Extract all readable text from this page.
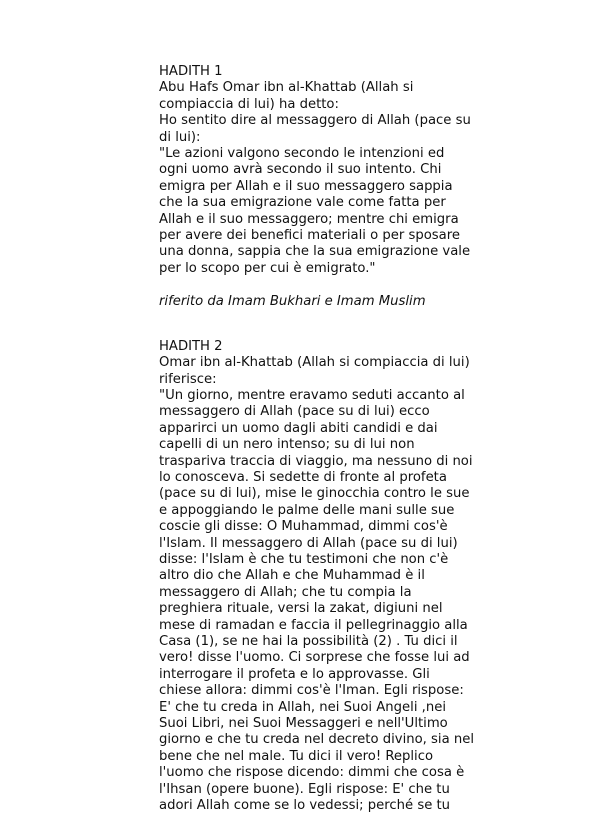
HADITH 1
Abu Hafs Omar ibn al-Khattab (Allah si
compiaccia di lui) ha detto:
Ho sentito dire al messaggero di Allah (pace su
di lui):
"Le azioni valgono secondo le intenzioni ed
ogni uomo avrà secondo il suo intento. Chi
emigra per Allah e il suo messaggero sappia
che la sua emigrazione vale come fatta per
Allah e il suo messaggero; mentre chi emigra
per avere dei benefici materiali o per sposare
una donna, sappia che la sua emigrazione vale
per lo scopo per cui è emigrato."
riferito da Imam Bukhari e Imam Muslim
HADITH 2
Omar ibn al-Khattab (Allah si compiaccia di lui)
riferisce:
"Un giorno, mentre eravamo seduti accanto al
messaggero di Allah (pace su di lui) ecco
apparirci un uomo dagli abiti candidi e dai
capelli di un nero intenso; su di lui non
traspariva traccia di viaggio, ma nessuno di noi
lo conosceva. Si sedette di fronte al profeta
(pace su di lui), mise le ginocchia contro le sue
e appoggiando le palme delle mani sulle sue
coscie gli disse: O Muhammad, dimmi cos'è
l'Islam. Il messaggero di Allah (pace su di lui)
disse: l'Islam è che tu testimoni che non c'è
altro dio che Allah e che Muhammad è il
messaggero di Allah; che tu compia la
preghiera rituale, versi la zakat, digiuni nel
mese di ramadan e faccia il pellegrinaggio alla
Casa (1), se ne hai la possibilità (2) . Tu dici il
vero! disse l'uomo. Ci sorprese che fosse lui ad
interrogare il profeta e lo approvasse. Gli
chiese allora: dimmi cos'è l'Iman. Egli rispose:
E' che tu creda in Allah, nei Suoi Angeli ,nei
Suoi Libri, nei Suoi Messaggeri e nell'Ultimo
giorno e che tu creda nel decreto divino, sia nel
bene che nel male. Tu dici il vero! Replico
l'uomo che rispose dicendo: dimmi che cosa è
l'Ihsan (opere buone). Egli rispose: E' che tu
adori Allah come se lo vedessi; perché se tu
